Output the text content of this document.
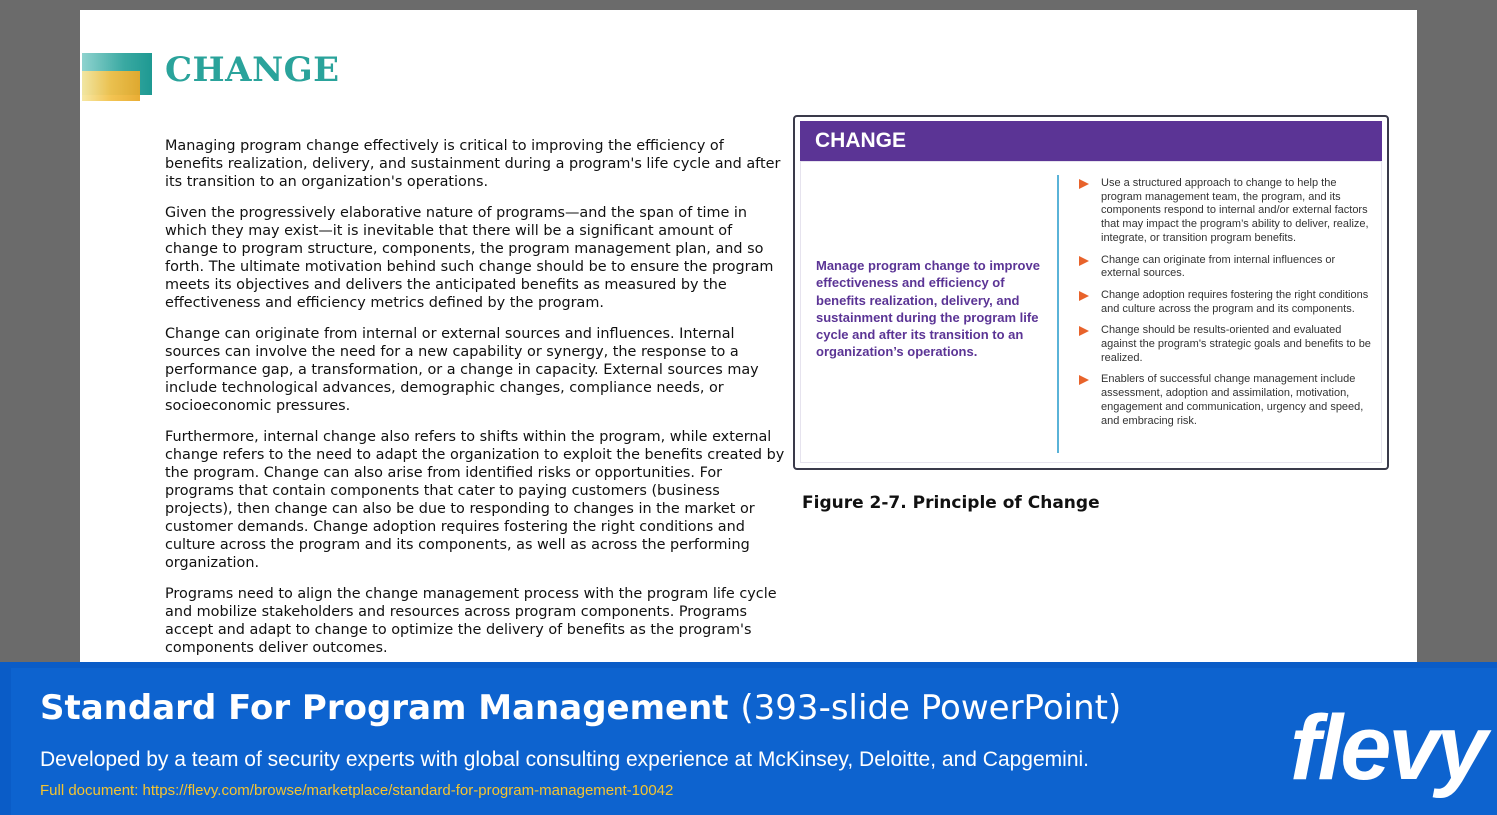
CHANGE

Managing program change effectively is critical to improving the efficiency of benefits realization, delivery, and sustainment during a program's life cycle and after its transition to an organization's operations.

Given the progressively elaborative nature of programs—and the span of time in which they may exist—it is inevitable that there will be a significant amount of change to program structure, components, the program management plan, and so forth. The ultimate motivation behind such change should be to ensure the program meets its objectives and delivers the anticipated benefits as measured by the effectiveness and efficiency metrics defined by the program.

Change can originate from internal or external sources and influences. Internal sources can involve the need for a new capability or synergy, the response to a performance gap, a transformation, or a change in capacity. External sources may include technological advances, demographic changes, compliance needs, or socioeconomic pressures.

Furthermore, internal change also refers to shifts within the program, while external change refers to the need to adapt the organization to exploit the benefits created by the program. Change can also arise from identified risks or opportunities. For programs that contain components that cater to paying customers (business projects), then change can also be due to responding to changes in the market or customer demands. Change adoption requires fostering the right conditions and culture across the program and its components, as well as across the performing organization.

Programs need to align the change management process with the program life cycle and mobilize stakeholders and resources across program components. Programs accept and adapt to change to optimize the delivery of benefits as the program's components deliver outcomes.

CHANGE
Manage program change to improve effectiveness and efficiency of benefits realization, delivery, and sustainment during the program life cycle and after its transition to an organization’s operations.
Use a structured approach to change to help the program management team, the program, and its components respond to internal and/or external factors that may impact the program’s ability to deliver, realize, integrate, or transition program benefits.
Change can originate from internal influences or external sources.
Change adoption requires fostering the right conditions and culture across the program and its components.
Change should be results-oriented and evaluated against the program's strategic goals and benefits to be realized.
Enablers of successful change management include assessment, adoption and assimilation, motivation, engagement and communication, urgency and speed, and embracing risk.

Figure 2-7. Principle of Change

Standard For Program Management (393-slide PowerPoint)

Developed by a team of security experts with global consulting experience at McKinsey, Deloitte, and Capgemini.

Full document: https://flevy.com/browse/marketplace/standard-for-program-management-10042	flevy
